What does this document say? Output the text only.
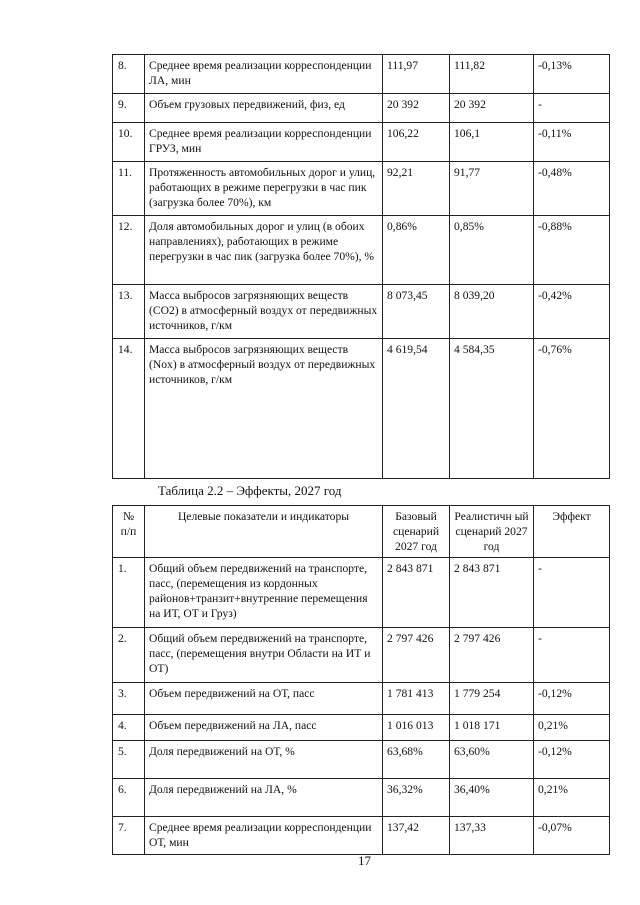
8.	Среднее время реализации корреспонденции ЛА, мин	111,97	111,82	-0,13%
9.	Объем грузовых передвижений, физ, ед	20 392	20 392	-
10.	Среднее время реализации корреспонденции ГРУЗ, мин	106,22	106,1	-0,11%
11.	Протяженность автомобильных дорог и улиц, работающих в режиме перегрузки в час пик (загрузка более 70%), км	92,21	91,77	-0,48%
12.	Доля автомобильных дорог и улиц (в обоих направлениях), работающих в режиме перегрузки в час пик (загрузка более 70%), %	0,86%	0,85%	-0,88%
13.	Масса выбросов загрязняющих веществ (CO2) в атмосферный воздух от передвижных источников, г/км	8 073,45	8 039,20	-0,42%
14.	Масса выбросов загрязняющих веществ (Nox) в атмосферный воздух от передвижных источников, г/км	4 619,54	4 584,35	-0,76%
Таблица 2.2 – Эффекты, 2027 год
№ п/п	Целевые показатели и индикаторы	Базовый сценарий 2027 год	Реалистичн ый сценарий 2027 год	Эффект
1.	Общий объем передвижений на транспорте, пасс, (перемещения из кордонных районов+транзит+внутренние перемещения на ИТ, ОТ и Груз)	2 843 871	2 843 871	-
2.	Общий объем передвижений на транспорте, пасс, (перемещения внутри Области на ИТ и ОТ)	2 797 426	2 797 426	-
3.	Объем передвижений на ОТ, пасс	1 781 413	1 779 254	-0,12%
4.	Объем передвижений на ЛА, пасс	1 016 013	1 018 171	0,21%
5.	Доля передвижений на ОТ, %	63,68%	63,60%	-0,12%
6.	Доля передвижений на ЛА, %	36,32%	36,40%	0,21%
7.	Среднее время реализации корреспонденции ОТ, мин	137,42	137,33	-0,07%
17
